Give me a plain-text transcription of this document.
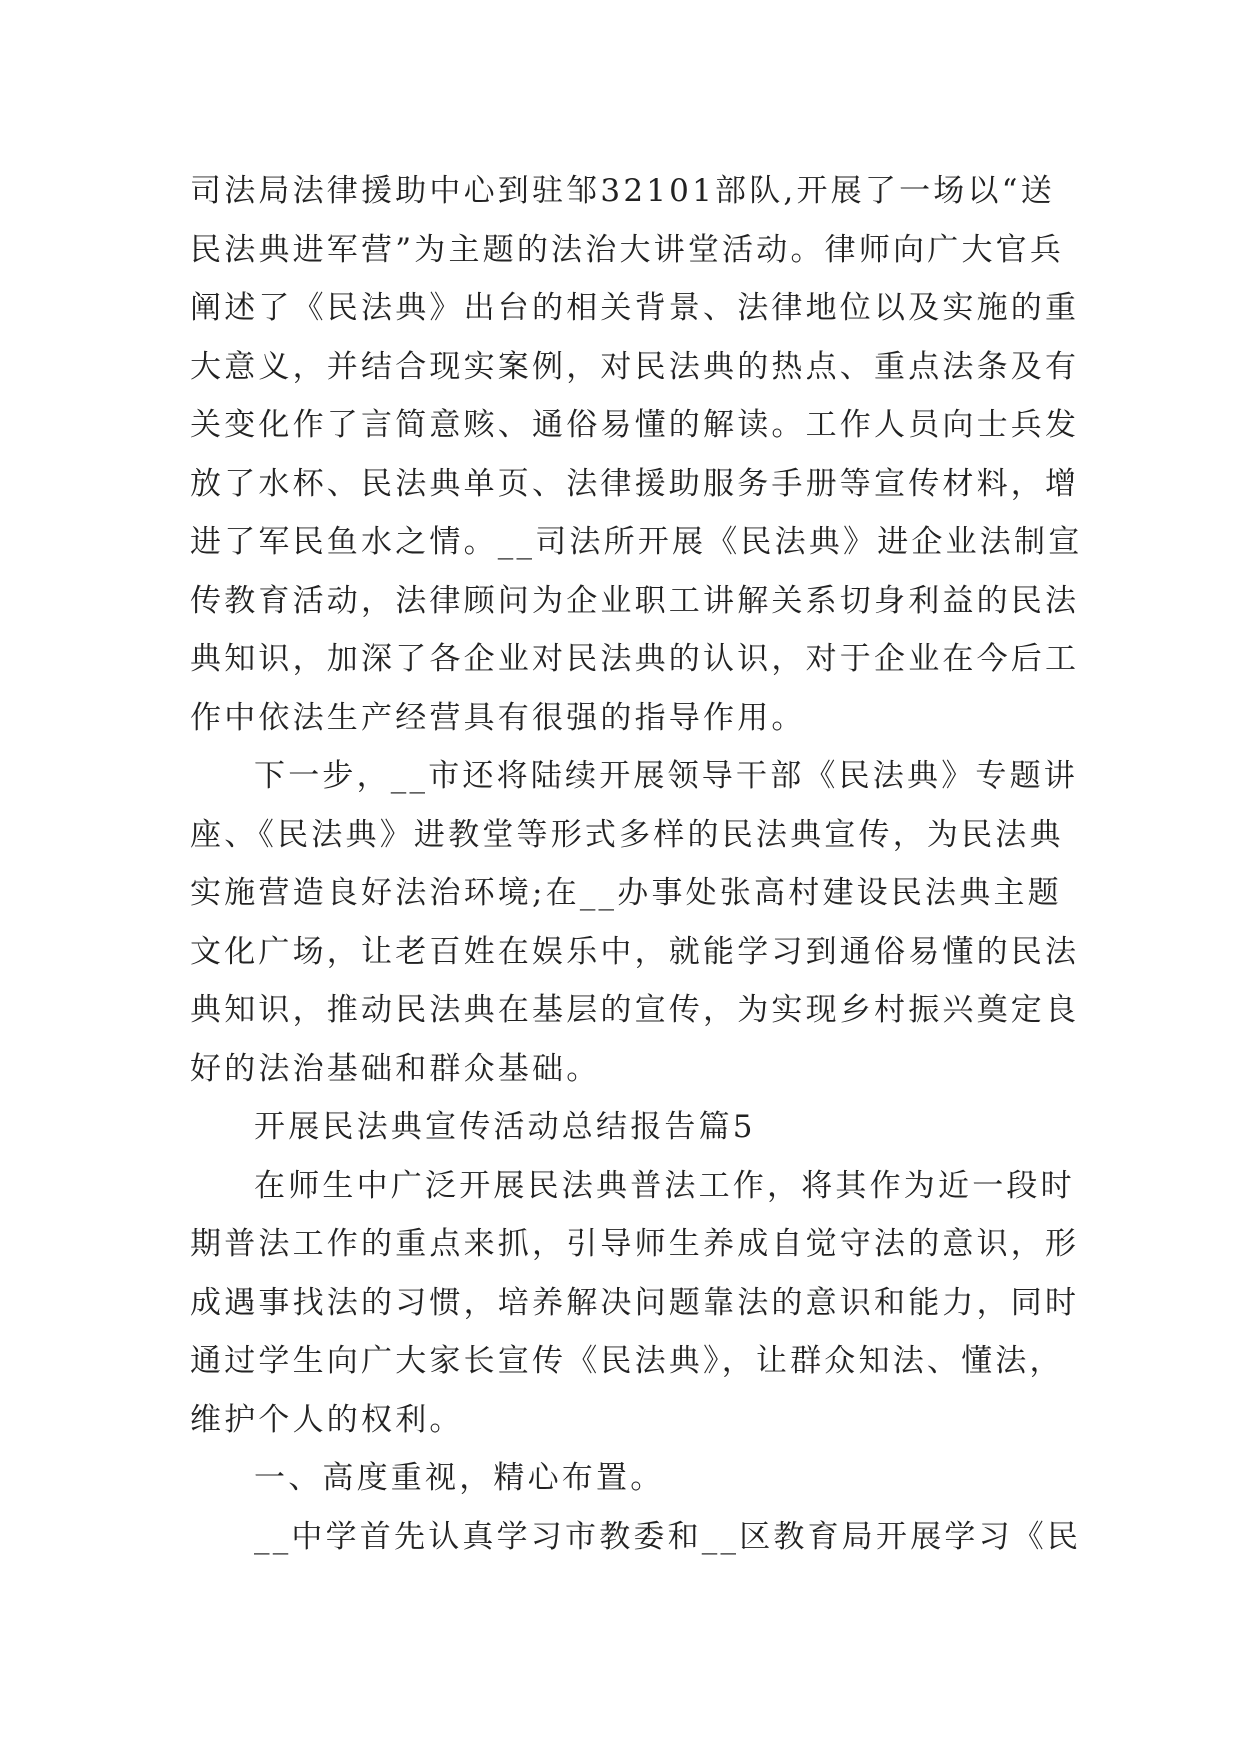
司法局法律援助中心到驻邹32101部队,开展了一场以“送
民法典进军营”为主题的法治大讲堂活动。律师向广大官兵
阐述了《民法典》出台的相关背景、法律地位以及实施的重
大意义，并结合现实案例，对民法典的热点、重点法条及有
关变化作了言简意赅、通俗易懂的解读。工作人员向士兵发
放了水杯、民法典单页、法律援助服务手册等宣传材料，增
进了军民鱼水之情。__司法所开展《民法典》进企业法制宣
传教育活动，法律顾问为企业职工讲解关系切身利益的民法
典知识，加深了各企业对民法典的认识，对于企业在今后工
作中依法生产经营具有很强的指导作用。
下一步，__市还将陆续开展领导干部《民法典》专题讲
座、《民法典》进教堂等形式多样的民法典宣传，为民法典
实施营造良好法治环境;在__办事处张高村建设民法典主题
文化广场，让老百姓在娱乐中，就能学习到通俗易懂的民法
典知识，推动民法典在基层的宣传，为实现乡村振兴奠定良
好的法治基础和群众基础。
开展民法典宣传活动总结报告篇5
在师生中广泛开展民法典普法工作，将其作为近一段时
期普法工作的重点来抓，引导师生养成自觉守法的意识，形
成遇事找法的习惯，培养解决问题靠法的意识和能力，同时
通过学生向广大家长宣传《民法典》，让群众知法、懂法，
维护个人的权利。
一、高度重视，精心布置。
__中学首先认真学习市教委和__区教育局开展学习《民
